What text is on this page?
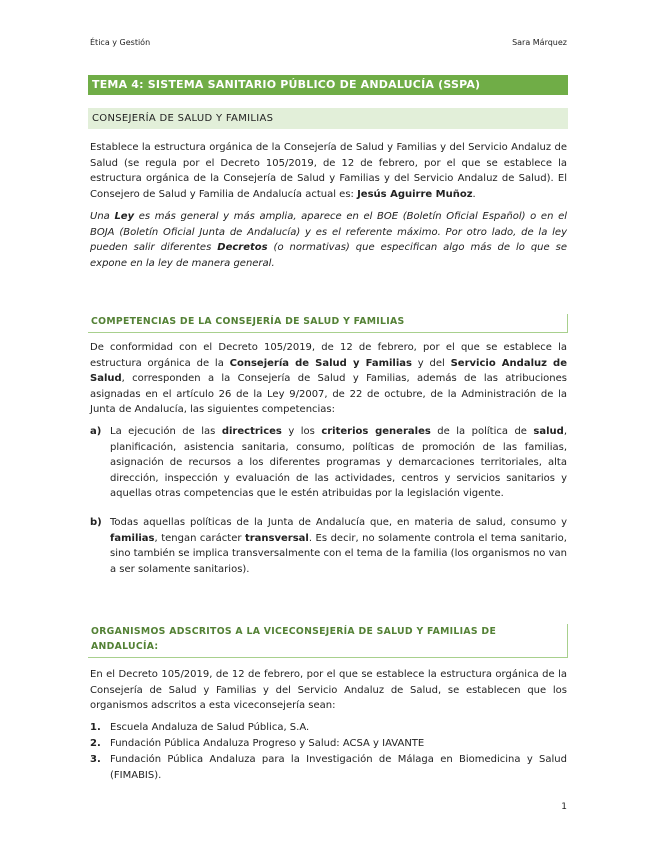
Ética y Gestión	Sara Márquez
TEMA 4: SISTEMA SANITARIO PÚBLICO DE ANDALUCÍA (SSPA)
CONSEJERÍA DE SALUD Y FAMILIAS
Establece la estructura orgánica de la Consejería de Salud y Familias y del Servicio Andaluz de Salud (se regula por el Decreto 105/2019, de 12 de febrero, por el que se establece la estructura orgánica de la Consejería de Salud y Familias y del Servicio Andaluz de Salud). El Consejero de Salud y Familia de Andalucía actual es: Jesús Aguirre Muñoz.
Una Ley es más general y más amplia, aparece en el BOE (Boletín Oficial Español) o en el BOJA (Boletín Oficial Junta de Andalucía) y es el referente máximo. Por otro lado, de la ley pueden salir diferentes Decretos (o normativas) que especifican algo más de lo que se expone en la ley de manera general.
COMPETENCIAS DE LA CONSEJERÍA DE SALUD Y FAMILIAS
De conformidad con el Decreto 105/2019, de 12 de febrero, por el que se establece la estructura orgánica de la Consejería de Salud y Familias y del Servicio Andaluz de Salud, corresponden a la Consejería de Salud y Familias, además de las atribuciones asignadas en el artículo 26 de la Ley 9/2007, de 22 de octubre, de la Administración de la Junta de Andalucía, las siguientes competencias:
a) La ejecución de las directrices y los criterios generales de la política de salud, planificación, asistencia sanitaria, consumo, políticas de promoción de las familias, asignación de recursos a los diferentes programas y demarcaciones territoriales, alta dirección, inspección y evaluación de las actividades, centros y servicios sanitarios y aquellas otras competencias que le estén atribuidas por la legislación vigente.
b) Todas aquellas políticas de la Junta de Andalucía que, en materia de salud, consumo y familias, tengan carácter transversal. Es decir, no solamente controla el tema sanitario, sino también se implica transversalmente con el tema de la familia (los organismos no van a ser solamente sanitarios).
ORGANISMOS ADSCRITOS A LA VICECONSEJERÍA DE SALUD Y FAMILIAS DE ANDALUCÍA:
En el Decreto 105/2019, de 12 de febrero, por el que se establece la estructura orgánica de la Consejería de Salud y Familias y del Servicio Andaluz de Salud, se establecen que los organismos adscritos a esta viceconsejería sean:
1. Escuela Andaluza de Salud Pública, S.A.
2. Fundación Pública Andaluza Progreso y Salud: ACSA y IAVANTE
3. Fundación Pública Andaluza para la Investigación de Málaga en Biomedicina y Salud (FIMABIS).
1
